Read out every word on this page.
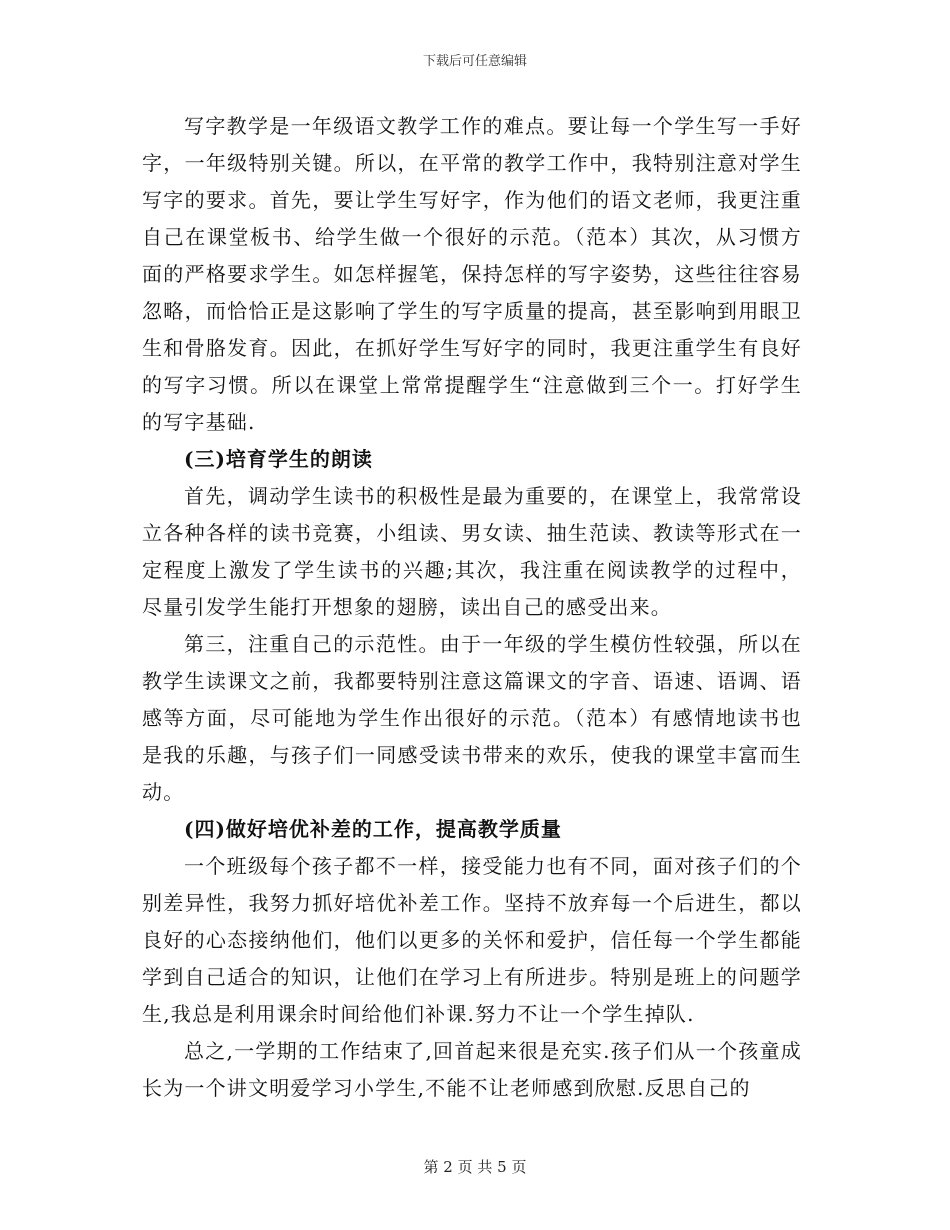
下载后可任意编辑

写字教学是一年级语文教学工作的难点。要让每一个学生写一手好字，一年级特别关键。所以，在平常的教学工作中，我特别注意对学生写字的要求。首先，要让学生写好字，作为他们的语文老师，我更注重自己在课堂板书、给学生做一个很好的示范。（范本）其次，从习惯方面的严格要求学生。如怎样握笔，保持怎样的写字姿势，这些往往容易忽略，而恰恰正是这影响了学生的写字质量的提高，甚至影响到用眼卫生和骨胳发育。因此，在抓好学生写好字的同时，我更注重学生有良好的写字习惯。所以在课堂上常常提醒学生“注意做到三个一。打好学生的写字基础.

(三)培育学生的朗读

首先，调动学生读书的积极性是最为重要的，在课堂上，我常常设立各种各样的读书竞赛，小组读、男女读、抽生范读、教读等形式在一定程度上激发了学生读书的兴趣;其次，我注重在阅读教学的过程中，尽量引发学生能打开想象的翅膀，读出自己的感受出来。

第三，注重自己的示范性。由于一年级的学生模仿性较强，所以在教学生读课文之前，我都要特别注意这篇课文的字音、语速、语调、语感等方面，尽可能地为学生作出很好的示范。（范本）有感情地读书也是我的乐趣，与孩子们一同感受读书带来的欢乐，使我的课堂丰富而生动。

(四)做好培优补差的工作，提高教学质量

一个班级每个孩子都不一样，接受能力也有不同，面对孩子们的个别差异性，我努力抓好培优补差工作。坚持不放弃每一个后进生，都以良好的心态接纳他们，他们以更多的关怀和爱护，信任每一个学生都能学到自己适合的知识，让他们在学习上有所进步。特别是班上的问题学生,我总是利用课余时间给他们补课.努力不让一个学生掉队.

总之,一学期的工作结束了,回首起来很是充实.孩子们从一个孩童成长为一个讲文明爱学习小学生,不能不让老师感到欣慰.反思自己的

第 2 页 共 5 页
